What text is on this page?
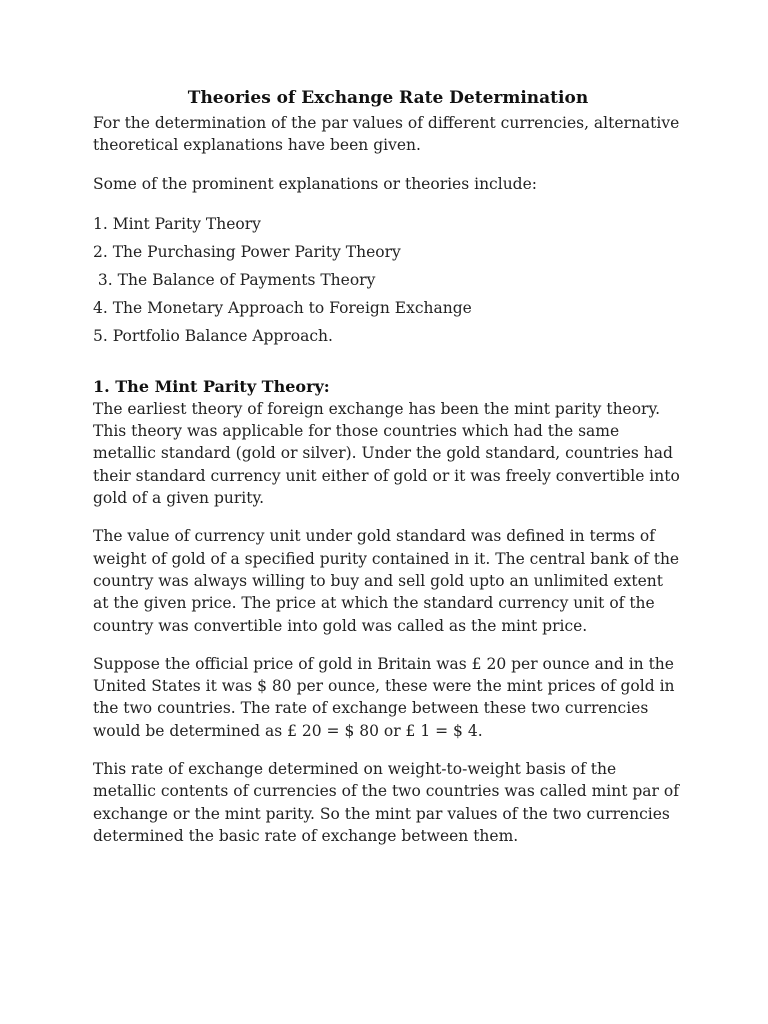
Theories of Exchange Rate Determination

For the determination of the par values of different currencies, alternative theoretical explanations have been given.

Some of the prominent explanations or theories include:

1. Mint Parity Theory
2. The Purchasing Power Parity Theory
3. The Balance of Payments Theory
4. The Monetary Approach to Foreign Exchange
5. Portfolio Balance Approach.
1. The Mint Parity Theory:

The earliest theory of foreign exchange has been the mint parity theory. This theory was applicable for those countries which had the same metallic standard (gold or silver). Under the gold standard, countries had their standard currency unit either of gold or it was freely convertible into gold of a given purity.

The value of currency unit under gold standard was defined in terms of weight of gold of a specified purity contained in it. The central bank of the country was always willing to buy and sell gold upto an unlimited extent at the given price. The price at which the standard currency unit of the country was convertible into gold was called as the mint price.

Suppose the official price of gold in Britain was £ 20 per ounce and in the United States it was $ 80 per ounce, these were the mint prices of gold in the two countries. The rate of exchange between these two currencies would be determined as £ 20 = $ 80 or £ 1 = $ 4.

This rate of exchange determined on weight-to-weight basis of the metallic contents of currencies of the two countries was called mint par of exchange or the mint parity. So the mint par values of the two currencies determined the basic rate of exchange between them.
